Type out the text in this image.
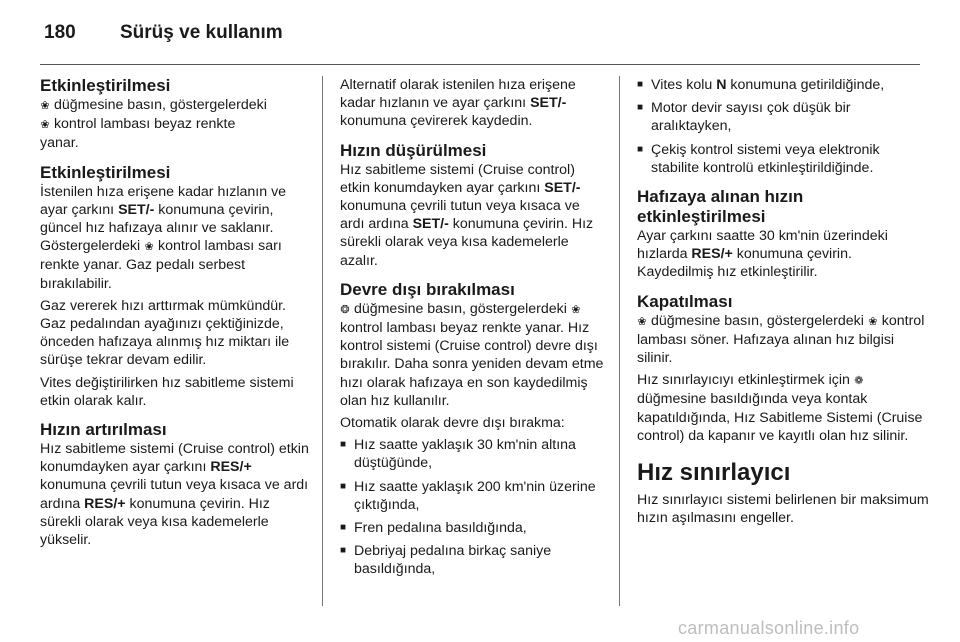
180	Sürüş ve kullanım
Etkinleştirilmesi

❀ düğmesine basın, göstergelerdeki
❀ kontrol lambası beyaz renkte
yanar.

Etkinleştirilmesi

İstenilen hıza erişene kadar hızlanın ve ayar çarkını SET/- konumuna çevirin, güncel hız hafızaya alınır ve saklanır. Göstergelerdeki ❀ kontrol lambası sarı renkte yanar. Gaz pedalı serbest bırakılabilir.

Gaz vererek hızı arttırmak mümkündür. Gaz pedalından ayağınızı çektiğinizde, önceden hafızaya alınmış hız miktarı ile sürüşe tekrar devam edilir.

Vites değiştirilirken hız sabitleme sistemi etkin olarak kalır.

Hızın artırılması

Hız sabitleme sistemi (Cruise control) etkin konumdayken ayar çarkını RES/+ konumuna çevrili tutun veya kısaca ve ardı ardına RES/+ konumuna çevirin. Hız sürekli olarak veya kısa kademelerle yükselir.

Alternatif olarak istenilen hıza erişene kadar hızlanın ve ayar çarkını SET/- konumuna çevirerek kaydedin.

Hızın düşürülmesi

Hız sabitleme sistemi (Cruise control) etkin konumdayken ayar çarkını SET/- konumuna çevrili tutun veya kısaca ve ardı ardına SET/- konumuna çevirin. Hız sürekli olarak veya kısa kademelerle azalır.

Devre dışı bırakılması

❂ düğmesine basın, göstergelerdeki ❀ kontrol lambası beyaz renkte yanar. Hız kontrol sistemi (Cruise control) devre dışı bırakılır. Daha sonra yeniden devam etme hızı olarak hafızaya en son kaydedilmiş olan hız kullanılır.

Otomatik olarak devre dışı bırakma:

■ Hız saatte yaklaşık 30 km'nin altına düştüğünde,
■ Hız saatte yaklaşık 200 km'nin üzerine çıktığında,
■ Fren pedalına basıldığında,
■ Debriyaj pedalına birkaç saniye basıldığında,
■ Vites kolu N konumuna getirildiğinde,
■ Motor devir sayısı çok düşük bir aralıktayken,
■ Çekiş kontrol sistemi veya elektronik stabilite kontrolü etkinleştirildiğinde.
Hafızaya alınan hızın etkinleştirilmesi

Ayar çarkını saatte 30 km'nin üzerindeki hızlarda RES/+ konumuna çevirin. Kaydedilmiş hız etkinleştirilir.

Kapatılması

❀ düğmesine basın, göstergelerdeki ❀ kontrol lambası söner. Hafızaya alınan hız bilgisi silinir.

Hız sınırlayıcıyı etkinleştirmek için ❁ düğmesine basıldığında veya kontak kapatıldığında, Hız Sabitleme Sistemi (Cruise control) da kapanır ve kayıtlı olan hız silinir.

Hız sınırlayıcı

Hız sınırlayıcı sistemi belirlenen bir maksimum hızın aşılmasını engeller.

carmanualsonline.info
